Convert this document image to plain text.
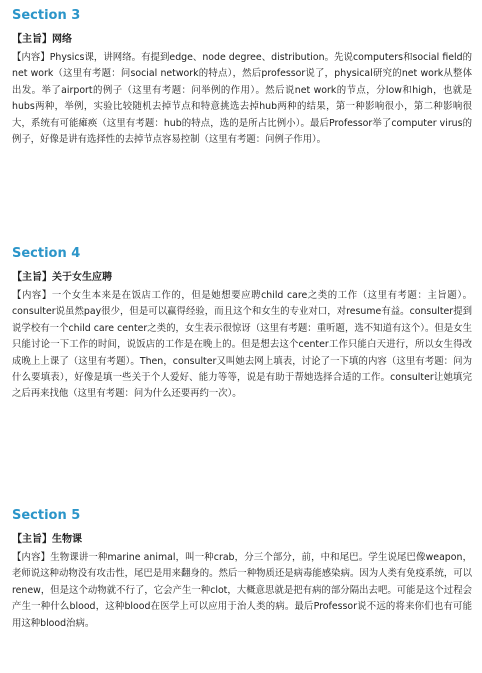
Section 3
【主旨】网络

【内容】Physics课，讲网络。有提到edge、node degree、distribution。先说computers和social field的net work（这里有考题：问social network的特点），然后professor说了，physical研究的net work从整体出发。举了airport的例子（这里有考题：问举例的作用）。然后说net work的节点，分low和high，也就是hubs两种，举例，实验比较随机去掉节点和特意挑选去掉hub两种的结果，第一种影响很小，第二种影响很大，系统有可能瘫痪（这里有考题：hub的特点，选的是所占比例小）。最后Professor举了computer virus的例子，好像是讲有选择性的去掉节点容易控制（这里有考题：问例子作用）。

Section 4
【主旨】关于女生应聘

【内容】一个女生本来是在饭店工作的，但是她想要应聘child care之类的工作（这里有考题：主旨题）。consulter说虽然pay很少，但是可以赢得经验，而且这个和女生的专业对口，对resume有益。consulter提到说学校有一个child care center之类的，女生表示很惊讶（这里有考题：重听题，选不知道有这个）。但是女生只能讨论一下工作的时间，说饭店的工作是在晚上的。但是想去这个center工作只能白天进行，所以女生得改成晚上上课了（这里有考题）。Then，consulter又叫她去网上填表，讨论了一下填的内容（这里有考题：问为什么要填表），好像是填一些关于个人爱好、能力等等，说是有助于帮她选择合适的工作。consulter让她填完之后再来找他（这里有考题：问为什么还要再约一次）。

Section 5
【主旨】生物课

【内容】生物课讲一种marine animal，叫一种crab，分三个部分，前，中和尾巴。学生说尾巴像weapon，老师说这种动物没有攻击性，尾巴是用来翻身的。然后一种物质还是病毒能感染病。因为人类有免疫系统，可以renew，但是这个动物就不行了，它会产生一种clot，大概意思就是把有病的部分隔出去吧。可能是这个过程会产生一种什么blood，这种blood在医学上可以应用于治人类的病。最后Professor说不远的将来你们也有可能用这种blood治病。
